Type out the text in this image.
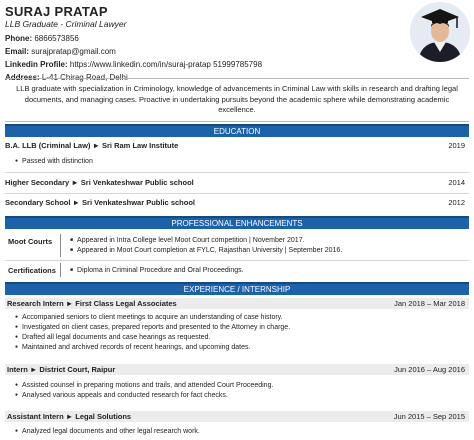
SURAJ PRATAP
LLB Graduate - Criminal Lawyer
Phone: 6866573856
Email: surajpratap@gmail.com
Linkedin Profile: https://www.linkedin.com/in/suraj-pratap 51999785798
LLB graduate with specialization in Criminology, knowledge of advancements in Criminal Law with skills in research and drafting legal documents, and managing cases. Proactive in undertaking pursuits beyond the academic sphere while demonstrating academic excellence.
EDUCATION
B.A. LLB (Criminal Law) ► Sri Ram Law Institute	2019
● Passed with distinction
Higher Secondary ► Sri Venkateshwar Public school	2014
Secondary School ► Sri Venkateshwar Public school	2012
PROFESSIONAL ENHANCEMENTS
Moot Courts	■ Appeared in Intra College level Moot Court competition | November 2017.
■ Appeared in Moot Court completion at FYLC, Rajasthan University | September 2016.
Certifications	■ Diploma in Criminal Procedure and Oral Proceedings.
EXPERIENCE / INTERNSHIP
Research Intern ► First Class Legal Associates	Jan 2018 – Mar 2018
● Accompanied seniors to client meetings to acquire an understanding of case history.
● Investigated on client cases, prepared reports and presented to the Attorney in charge.
● Drafted all legal documents and case hearings as requested.
● Maintained and archived records of recent hearings, and upcoming dates.
Intern ► District Court, Raipur	Jun 2016 – Aug 2016
● Assisted counsel in preparing motions and trails, and attended Court Proceeding.
● Analysed various appeals and conducted research for fact checks.
Assistant Intern ► Legal Solutions	Jun 2015 – Sep 2015
● Analyzed legal documents and other legal research work.
